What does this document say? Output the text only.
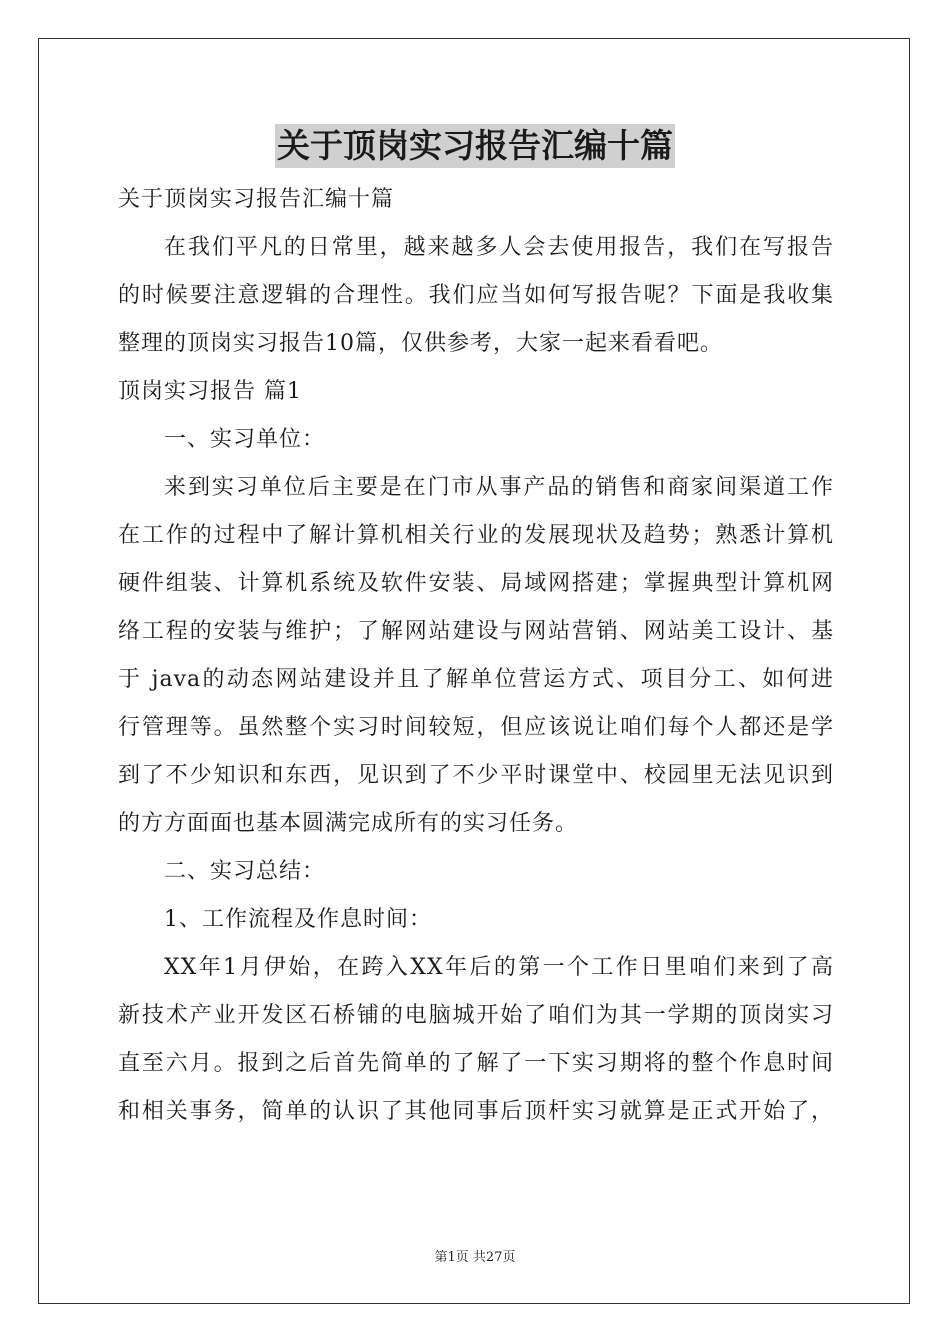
关于顶岗实习报告汇编十篇
关于顶岗实习报告汇编十篇
在我们平凡的日常里，越来越多人会去使用报告，我们在写报告
的时候要注意逻辑的合理性。我们应当如何写报告呢？下面是我收集
整理的顶岗实习报告10篇，仅供参考，大家一起来看看吧。
顶岗实习报告 篇1
一、实习单位：
来到实习单位后主要是在门市从事产品的销售和商家间渠道工作
在工作的过程中了解计算机相关行业的发展现状及趋势；熟悉计算机
硬件组装、计算机系统及软件安装、局域网搭建；掌握典型计算机网
络工程的安装与维护；了解网站建设与网站营销、网站美工设计、基
于 java的动态网站建设并且了解单位营运方式、项目分工、如何进
行管理等。虽然整个实习时间较短，但应该说让咱们每个人都还是学
到了不少知识和东西，见识到了不少平时课堂中、校园里无法见识到
的方方面面也基本圆满完成所有的实习任务。
二、实习总结：
1、工作流程及作息时间：
XX年1月伊始，在跨入XX年后的第一个工作日里咱们来到了高
新技术产业开发区石桥铺的电脑城开始了咱们为其一学期的顶岗实习
直至六月。报到之后首先简单的了解了一下实习期将的整个作息时间
和相关事务，简单的认识了其他同事后顶杆实习就算是正式开始了，
第1页 共27页
